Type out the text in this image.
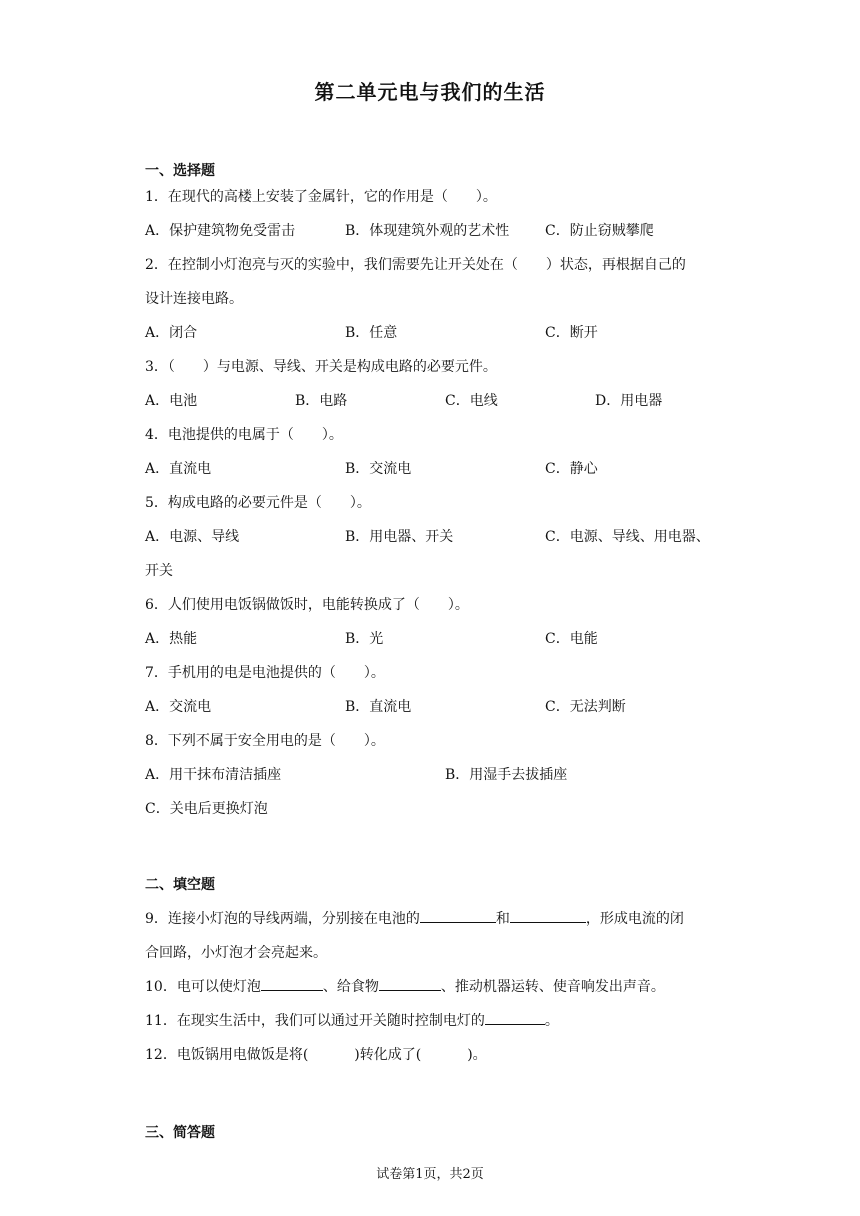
第二单元电与我们的生活
一、选择题
1．在现代的高楼上安装了金属针，它的作用是（　　）。
A．保护建筑物免受雷击	B．体现建筑外观的艺术性	C．防止窃贼攀爬
2．在控制小灯泡亮与灭的实验中，我们需要先让开关处在（　　）状态，再根据自己的
设计连接电路。
A．闭合	B．任意	C．断开
3．（　　）与电源、导线、开关是构成电路的必要元件。
A．电池	B．电路	C．电线	D．用电器
4．电池提供的电属于（　　）。
A．直流电	B．交流电	C．静心
5．构成电路的必要元件是（　　）。
A．电源、导线	B．用电器、开关	C．电源、导线、用电器、
开关
6．人们使用电饭锅做饭时，电能转换成了（　　）。
A．热能	B．光	C．电能
7．手机用的电是电池提供的（　　）。
A．交流电	B．直流电	C．无法判断
8．下列不属于安全用电的是（　　）。
A．用干抹布清洁插座	B．用湿手去拔插座
C．关电后更换灯泡
二、填空题
9．连接小灯泡的导线两端，分别接在电池的	和	，形成电流的闭
合回路，小灯泡才会亮起来。
10．电可以使灯泡	、给食物	、推动机器运转、使音响发出声音。
11．在现实生活中，我们可以通过开关随时控制电灯的	。
12．电饭锅用电做饭是将(	)转化成了(	)。
三、简答题
试卷第1页，共2页
